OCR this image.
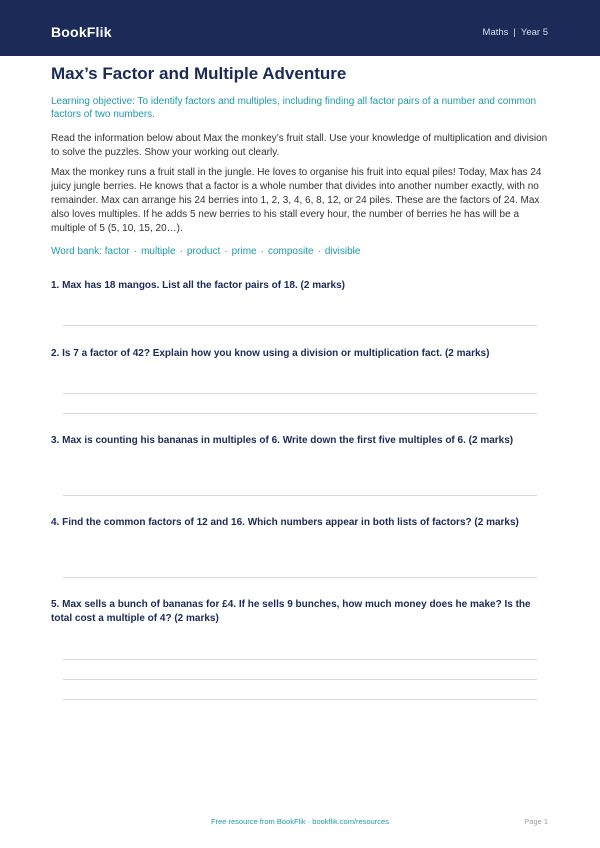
BookFlik	Maths | Year 5
Max’s Factor and Multiple Adventure
Learning objective: To identify factors and multiples, including finding all factor pairs of a number and common factors of two numbers.
Read the information below about Max the monkey’s fruit stall. Use your knowledge of multiplication and division to solve the puzzles. Show your working out clearly.
Max the monkey runs a fruit stall in the jungle. He loves to organise his fruit into equal piles! Today, Max has 24 juicy jungle berries. He knows that a factor is a whole number that divides into another number exactly, with no remainder. Max can arrange his 24 berries into 1, 2, 3, 4, 6, 8, 12, or 24 piles. These are the factors of 24. Max also loves multiples. If he adds 5 new berries to his stall every hour, the number of berries he has will be a multiple of 5 (5, 10, 15, 20…).
Word bank: factor · multiple · product · prime · composite · divisible
1. Max has 18 mangos. List all the factor pairs of 18. (2 marks)
2. Is 7 a factor of 42? Explain how you know using a division or multiplication fact. (2 marks)
3. Max is counting his bananas in multiples of 6. Write down the first five multiples of 6. (2 marks)
4. Find the common factors of 12 and 16. Which numbers appear in both lists of factors? (2 marks)
5. Max sells a bunch of bananas for £4. If he sells 9 bunches, how much money does he make? Is the total cost a multiple of 4? (2 marks)
Free resource from BookFlik · bookflik.com/resources	Page 1
